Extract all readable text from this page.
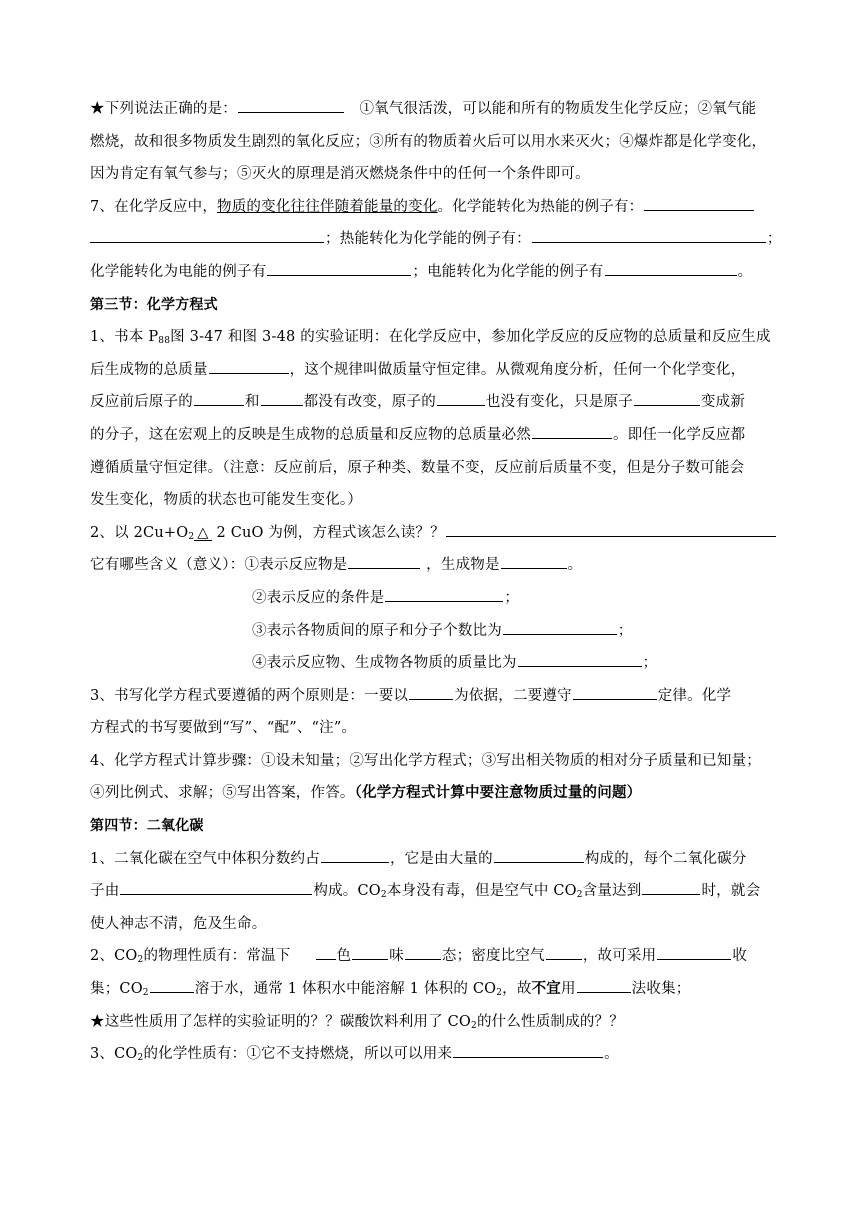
★下列说法正确的是：	①氧气很活泼，可以能和所有的物质发生化学反应；②氧气能
燃烧，故和很多物质发生剧烈的氧化反应；③所有的物质着火后可以用水来灭火；④爆炸都是化学变化，
因为肯定有氧气参与；⑤灭火的原理是消灭燃烧条件中的任何一个条件即可。
7、在化学反应中，物质的变化往往伴随着能量的变化。化学能转化为热能的例子有：
；热能转化为化学能的例子有：	；
化学能转化为电能的例子有	；电能转化为化学能的例子有	。
第三节：化学方程式
1、书本 $P_{88}$图 3-47 和图 3-48 的实验证明：在化学反应中，参加化学反应的反应物的总质量和反应生成
后生成物的总质量	，这个规律叫做质量守恒定律。从微观角度分析，任何一个化学变化，
反应前后原子的	和	都没有改变，原子的	也没有变化，只是原子	变成新
的分子，这在宏观上的反映是生成物的总质量和反应物的总质量必然	。即任一化学反应都
遵循质量守恒定律。（注意：反应前后，原子种类、数量不变，反应前后质量不变，但是分子数可能会
发生变化，物质的状态也可能发生变化。）
2、以 $2Cu+O_2$ △ 2 CuO 为例，方程式该怎么读？？
它有哪些含义（意义）：①表示反应物是	，生成物是	。
②表示反应的条件是	；
③表示各物质间的原子和分子个数比为	；
④表示反应物、生成物各物质的质量比为	；
3、书写化学方程式要遵循的两个原则是：一要以	为依据，二要遵守	定律。化学
方程式的书写要做到“写”、“配”、“注”。
4、化学方程式计算步骤：①设未知量；②写出化学方程式；③写出相关物质的相对分子质量和已知量；
④列比例式、求解；⑤写出答案，作答。（化学方程式计算中要注意物质过量的问题）
第四节：二氧化碳
1、二氧化碳在空气中体积分数约占	，它是由大量的	构成的，每个二氧化碳分
子由	构成。$CO_2$本身没有毒，但是空气中 $CO_2$含量达到	时，就会
使人神志不清，危及生命。
2、$CO_2$的物理性质有：常温下	色	味	态；密度比空气	，故可采用	收
集；$CO_2$	溶于水，通常 1 体积水中能溶解 1 体积的 $CO_2$，故不宜用	法收集；
★这些性质用了怎样的实验证明的？？碳酸饮料利用了 $CO_2$的什么性质制成的？？
3、$CO_2$的化学性质有：①它不支持燃烧，所以可以用来	。
